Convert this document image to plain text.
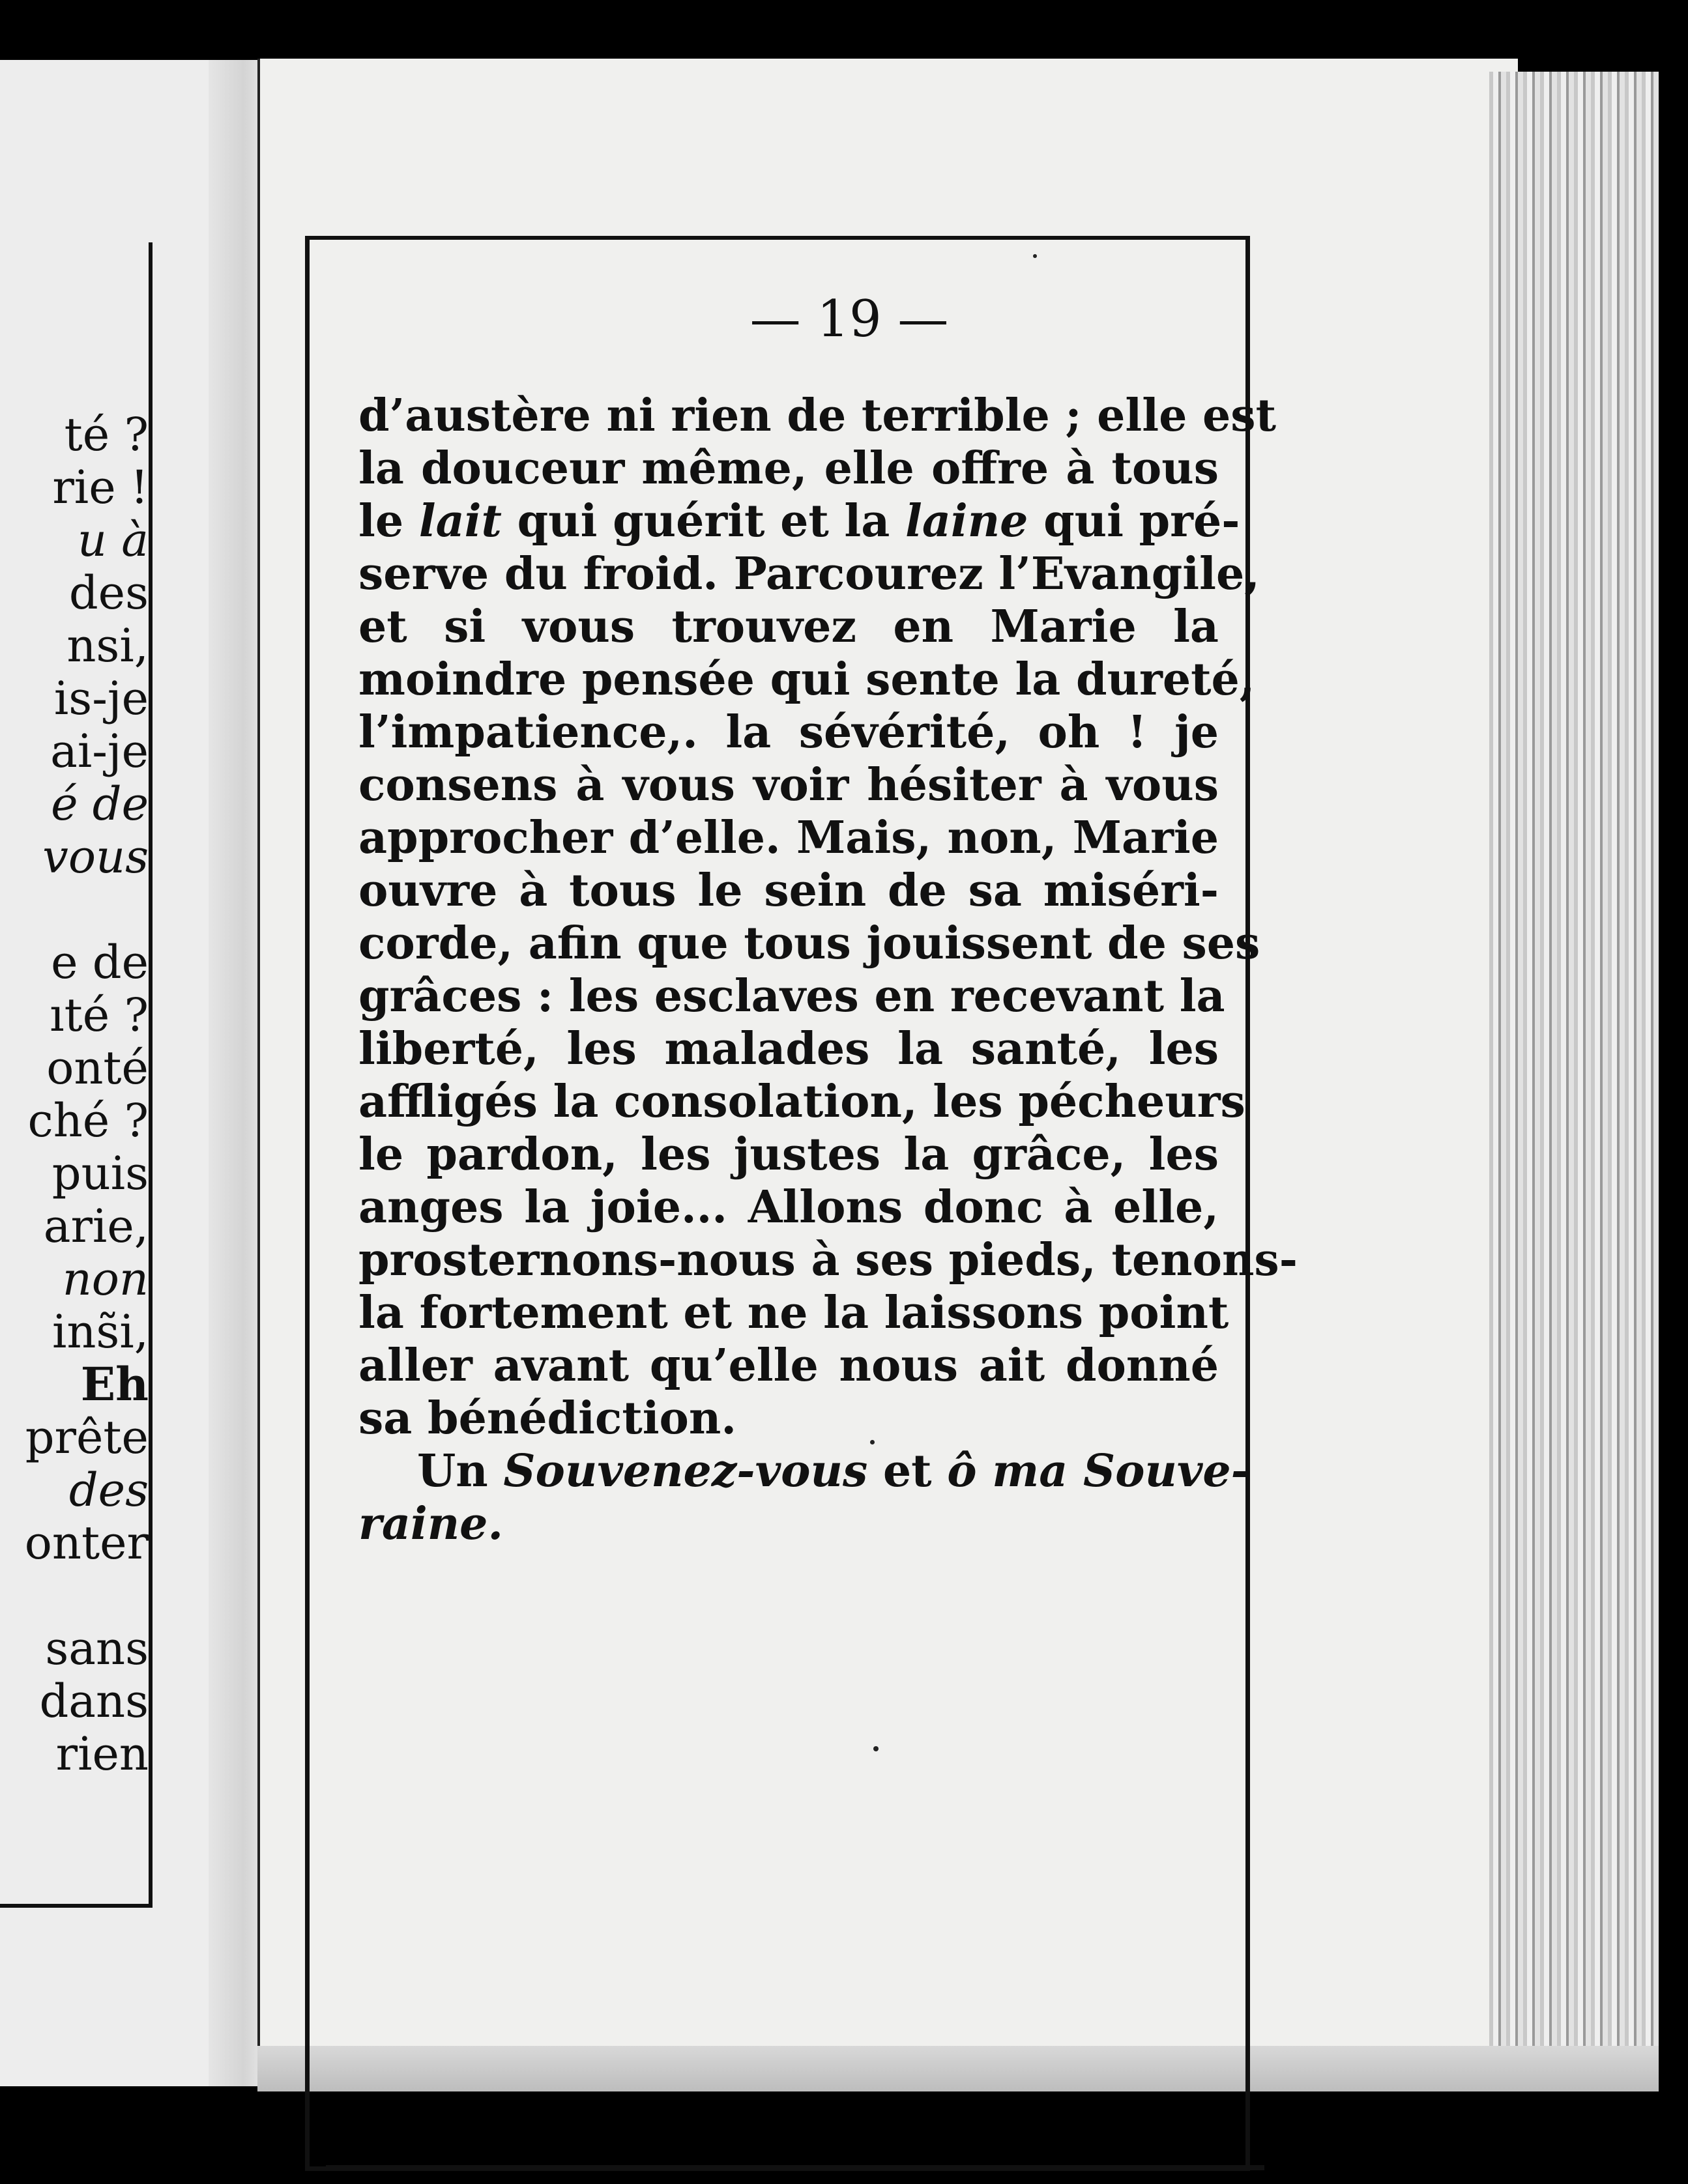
té ?

rie !

u à

des

nsi,

is-je

ai-je

é de

vous

e de

ıté ?

onté

ché ?

puis

arie,

non

ins̃i,

Eh

prête

des

onter

sans

dans

rien

— 19 —

d’austère ni rien de terrible ; elle est
la douceur même, elle offre à tous
le lait qui guérit et la laine qui pré-
serve du froid. Parcourez l’Evangile,
et si vous trouvez en Marie la
moindre pensée qui sente la dureté,
l’impatience,. la sévérité, oh ! je
consens à vous voir hésiter à vous
approcher d’elle. Mais, non, Marie
ouvre à tous le sein de sa miséri-
corde, afin que tous jouissent de ses
grâces : les esclaves en recevant la
liberté, les malades la santé, les
affligés la consolation, les pécheurs
le pardon, les justes la grâce, les
anges la joie... Allons donc à elle,
prosternons-nous à ses pieds, tenons-
la fortement et ne la laissons point
aller avant qu’elle nous ait donné
sa bénédiction.
Un Souvenez-vous et ô ma Souve-
raine.
